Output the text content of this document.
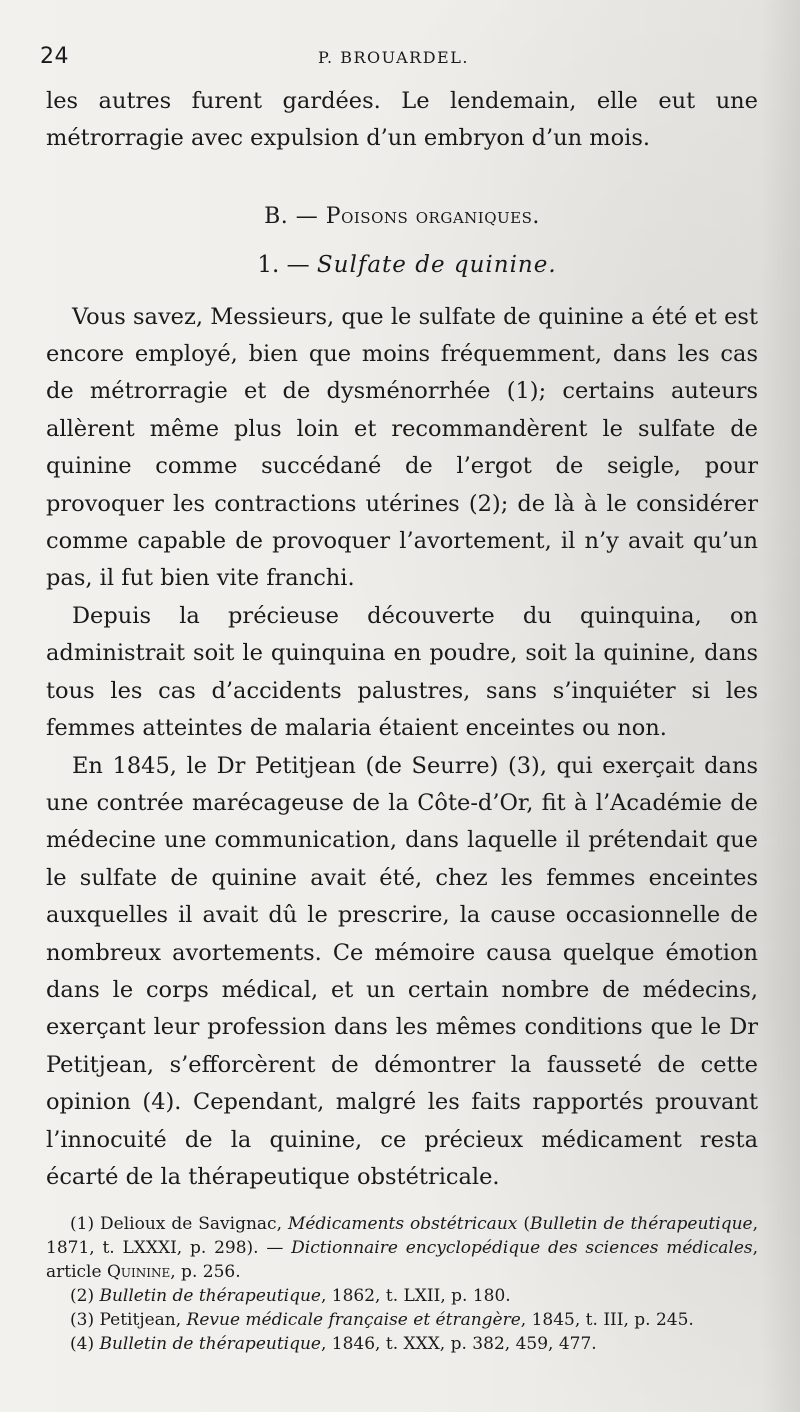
24	P. BROUARDEL.

les autres furent gardées. Le lendemain, elle eut une métrorragie avec expulsion d’un embryon d’un mois.

B. — Poisons organiques.

1. — Sulfate de quinine.

Vous savez, Messieurs, que le sulfate de quinine a été et est encore employé, bien que moins fréquemment, dans les cas de métrorragie et de dysménorrhée (1); certains auteurs allèrent même plus loin et recommandèrent le sulfate de quinine comme succédané de l’ergot de seigle, pour provoquer les contractions utérines (2); de là à le considérer comme capable de provoquer l’avortement, il n’y avait qu’un pas, il fut bien vite franchi.

Depuis la précieuse découverte du quinquina, on administrait soit le quinquina en poudre, soit la quinine, dans tous les cas d’accidents palustres, sans s’inquiéter si les femmes atteintes de malaria étaient enceintes ou non.

En 1845, le Dr Petitjean (de Seurre) (3), qui exerçait dans une contrée marécageuse de la Côte-d’Or, fit à l’Académie de médecine une communication, dans laquelle il prétendait que le sulfate de quinine avait été, chez les femmes enceintes auxquelles il avait dû le prescrire, la cause occasionnelle de nombreux avortements. Ce mémoire causa quelque émotion dans le corps médical, et un certain nombre de médecins, exerçant leur profession dans les mêmes conditions que le Dr Petitjean, s’efforcèrent de démontrer la fausseté de cette opinion (4). Cependant, malgré les faits rapportés prouvant l’innocuité de la quinine, ce précieux médicament resta écarté de la thérapeutique obstétricale.

(1) Delioux de Savignac, Médicaments obstétricaux (Bulletin de thérapeutique, 1871, t. LXXXI, p. 298). — Dictionnaire encyclopédique des sciences médicales, article Quinine, p. 256.

(2) Bulletin de thérapeutique, 1862, t. LXII, p. 180.

(3) Petitjean, Revue médicale française et étrangère, 1845, t. III, p. 245.

(4) Bulletin de thérapeutique, 1846, t. XXX, p. 382, 459, 477.
